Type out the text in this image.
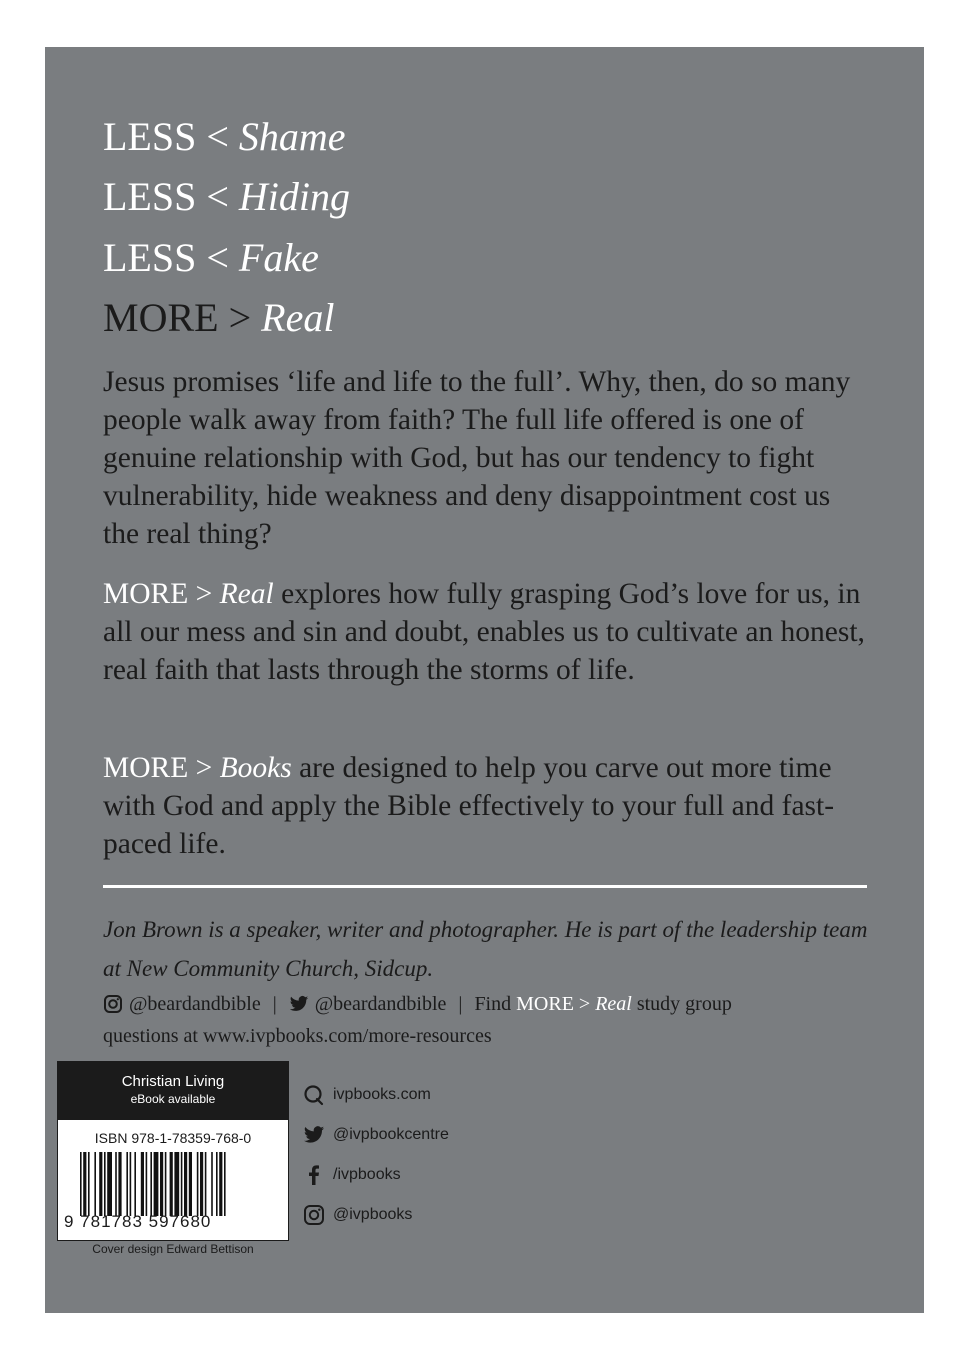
LESS < Shame
LESS < Hiding
LESS < Fake
MORE > Real
Jesus promises ‘life and life to the full’. Why, then, do so many people walk away from faith? The full life offered is one of genuine relationship with God, but has our tendency to fight vulnerability, hide weakness and deny disappointment cost us the real thing?
MORE > Real explores how fully grasping God’s love for us, in all our mess and sin and doubt, enables us to cultivate an honest, real faith that lasts through the storms of life.
MORE > Books are designed to help you carve out more time with God and apply the Bible effectively to your full and fast-paced life.
Jon Brown is a speaker, writer and photographer. He is part of the leadership team at New Community Church, Sidcup.
@beardandbible | @beardandbible | Find MORE > Real study group
questions at www.ivpbooks.com/more-resources
Christian Living
eBook available
ISBN 978-1-78359-768-0
9 781783 597680
Cover design Edward Bettison
ivpbooks.com
@ivpbookcentre
/ivpbooks
@ivpbooks
